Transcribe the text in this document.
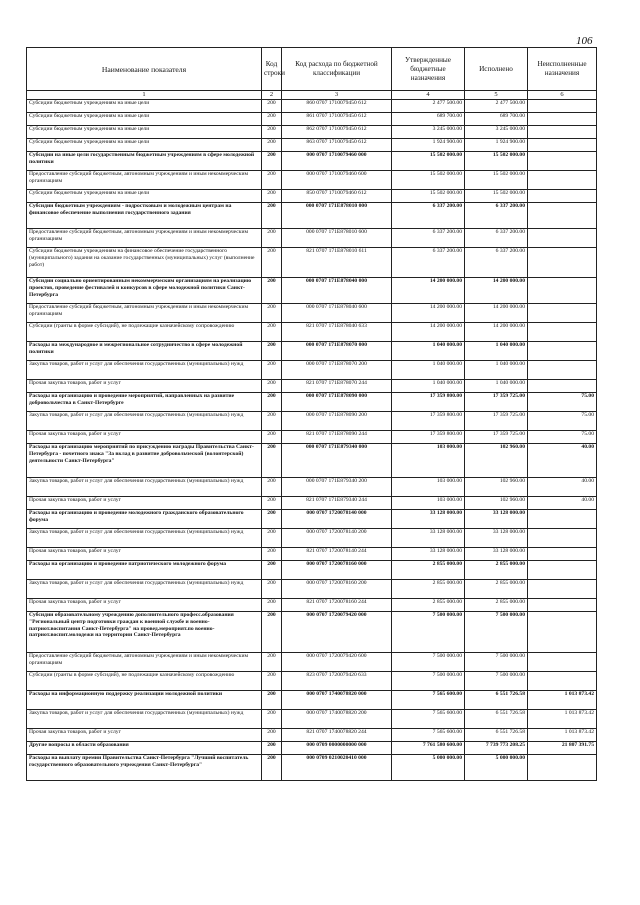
106
Наименование показателя	Код строки	Код расхода по бюджетной классификации	Утвержденные бюджетные назначения	Исполнено	Неисполненные назначения
1	2	3	4	5	6
Субсидии бюджетным учреждениям на иные цели	200	860 0707 1710079450 612	2 477 500.00	2 477 500.00	
Субсидии бюджетным учреждениям на иные цели	200	861 0707 1710079450 612	689 700.00	689 700.00	
Субсидии бюджетным учреждениям на иные цели	200	862 0707 1710079450 612	3 245 000.00	3 245 000.00	
Субсидии бюджетным учреждениям на иные цели	200	863 0707 1710079450 612	1 924 900.00	1 924 900.00	
Субсидии на иные цели государственным бюджетным учреждениям в сфере молодежной политики	200	000 0707 1710079460 000	15 502 000.00	15 502 000.00	
Предоставление субсидий бюджетным, автономным учреждениям и иным некоммерческим организациям	200	000 0707 1710079460 600	15 502 000.00	15 502 000.00	
Субсидии бюджетным учреждениям на иные цели	200	850 0707 1710079460 612	15 502 000.00	15 502 000.00	
Субсидии бюджетным учреждениям - подростковым и молодежным центрам на финансовое обеспечение выполнения государственного задания	200	000 0707 171E878010 000	6 337 200.00	6 337 200.00	
Предоставление субсидий бюджетным, автономным учреждениям и иным некоммерческим организациям	200	000 0707 171E878010 600	6 337 200.00	6 337 200.00	
Субсидии бюджетным учреждениям на финансовое обеспечение государственного (муниципального) задания на оказание государственных (муниципальных) услуг (выполнение работ)	200	821 0707 171E878010 611	6 337 200.00	6 337 200.00	
Субсидии социально ориентированным некоммерческим организациям на реализацию проектов, проведение фестивалей и конкурсов в сфере молодежной политики Санкт-Петербурга	200	000 0707 171E878040 000	14 200 000.00	14 200 000.00	
Предоставление субсидий бюджетным, автономным учреждениям и иным некоммерческим организациям	200	000 0707 171E878040 600	14 200 000.00	14 200 000.00	
Субсидии (гранты в форме субсидий), не подлежащие казначейскому сопровождению	200	821 0707 171E878040 633	14 200 000.00	14 200 000.00	
Расходы на международное и межрегиональное сотрудничество в сфере молодежной политики	200	000 0707 171E878070 000	1 040 000.00	1 040 000.00	
Закупка товаров, работ и услуг для обеспечения государственных (муниципальных) нужд	200	000 0707 171E878070 200	1 040 000.00	1 040 000.00	
Прочая закупка товаров, работ и услуг	200	821 0707 171E878070 244	1 040 000.00	1 040 000.00	
Расходы на организацию и проведение мероприятий, направленных на развитие добровольчества в Санкт-Петербурге	200	000 0707 171E878090 000	17 359 800.00	17 359 725.00	75.00
Закупка товаров, работ и услуг для обеспечения государственных (муниципальных) нужд	200	000 0707 171E878090 200	17 359 800.00	17 359 725.00	75.00
Прочая закупка товаров, работ и услуг	200	821 0707 171E878090 244	17 359 800.00	17 359 725.00	75.00
Расходы на организацию мероприятий по присуждению награды Правительства Санкт-Петербурга - почетного знака "За вклад в развитие добровольческой (волонтерской) деятельности Санкт-Петербурга"	200	000 0707 171E879340 000	103 000.00	102 960.00	40.00
Закупка товаров, работ и услуг для обеспечения государственных (муниципальных) нужд	200	000 0707 171E879340 200	103 000.00	102 960.00	40.00
Прочая закупка товаров, работ и услуг	200	821 0707 171E879340 244	103 000.00	102 960.00	40.00
Расходы на организацию и проведение молодежного гражданского образовательного форума	200	000 0707 1720078140 000	33 128 000.00	33 128 000.00	
Закупка товаров, работ и услуг для обеспечения государственных (муниципальных) нужд	200	000 0707 1720078140 200	33 128 000.00	33 128 000.00	
Прочая закупка товаров, работ и услуг	200	821 0707 1720078140 244	33 128 000.00	33 128 000.00	
Расходы на организацию и проведение патриотического молодежного форума	200	000 0707 1720078160 000	2 855 000.00	2 855 000.00	
Закупка товаров, работ и услуг для обеспечения государственных (муниципальных) нужд	200	000 0707 1720078160 200	2 855 000.00	2 855 000.00	
Прочая закупка товаров, работ и услуг	200	821 0707 1720078160 244	2 855 000.00	2 855 000.00	
Субсидии образовательному учреждению дополнительного професс.образования "Региональный центр подготовки граждан к военной службе и военно-патриот.воспитания Санкт-Петербурга" на провед.мероприят.по военно-патриот.воспит.молодежи на территории Санкт-Петербурга	200	000 0707 1720079420 000	7 500 000.00	7 500 000.00	
Предоставление субсидий бюджетным, автономным учреждениям и иным некоммерческим организациям	200	000 0707 1720079420 600	7 500 000.00	7 500 000.00	
Субсидии (гранты в форме субсидий), не подлежащие казначейскому сопровождению	200	823 0707 1720079420 633	7 500 000.00	7 500 000.00	
Расходы на информационную поддержку реализации молодежной политики	200	000 0707 1740078820 000	7 565 600.00	6 551 726.58	1 013 873.42
Закупка товаров, работ и услуг для обеспечения государственных (муниципальных) нужд	200	000 0707 1740078820 200	7 565 600.00	6 551 726.58	1 013 873.42
Прочая закупка товаров, работ и услуг	200	821 0707 1740078820 244	7 565 600.00	6 551 726.58	1 013 873.42
Другие вопросы в области образования	200	000 0709 0000000000 000	7 761 580 600.00	7 739 773 208.25	21 807 391.75
Расходы на выплату премии Правительства Санкт-Петербурга "Лучший воспитатель государственного образовательного учреждения Санкт-Петербурга"	200	000 0709 0210020410 000	5 000 000.00	5 000 000.00	
